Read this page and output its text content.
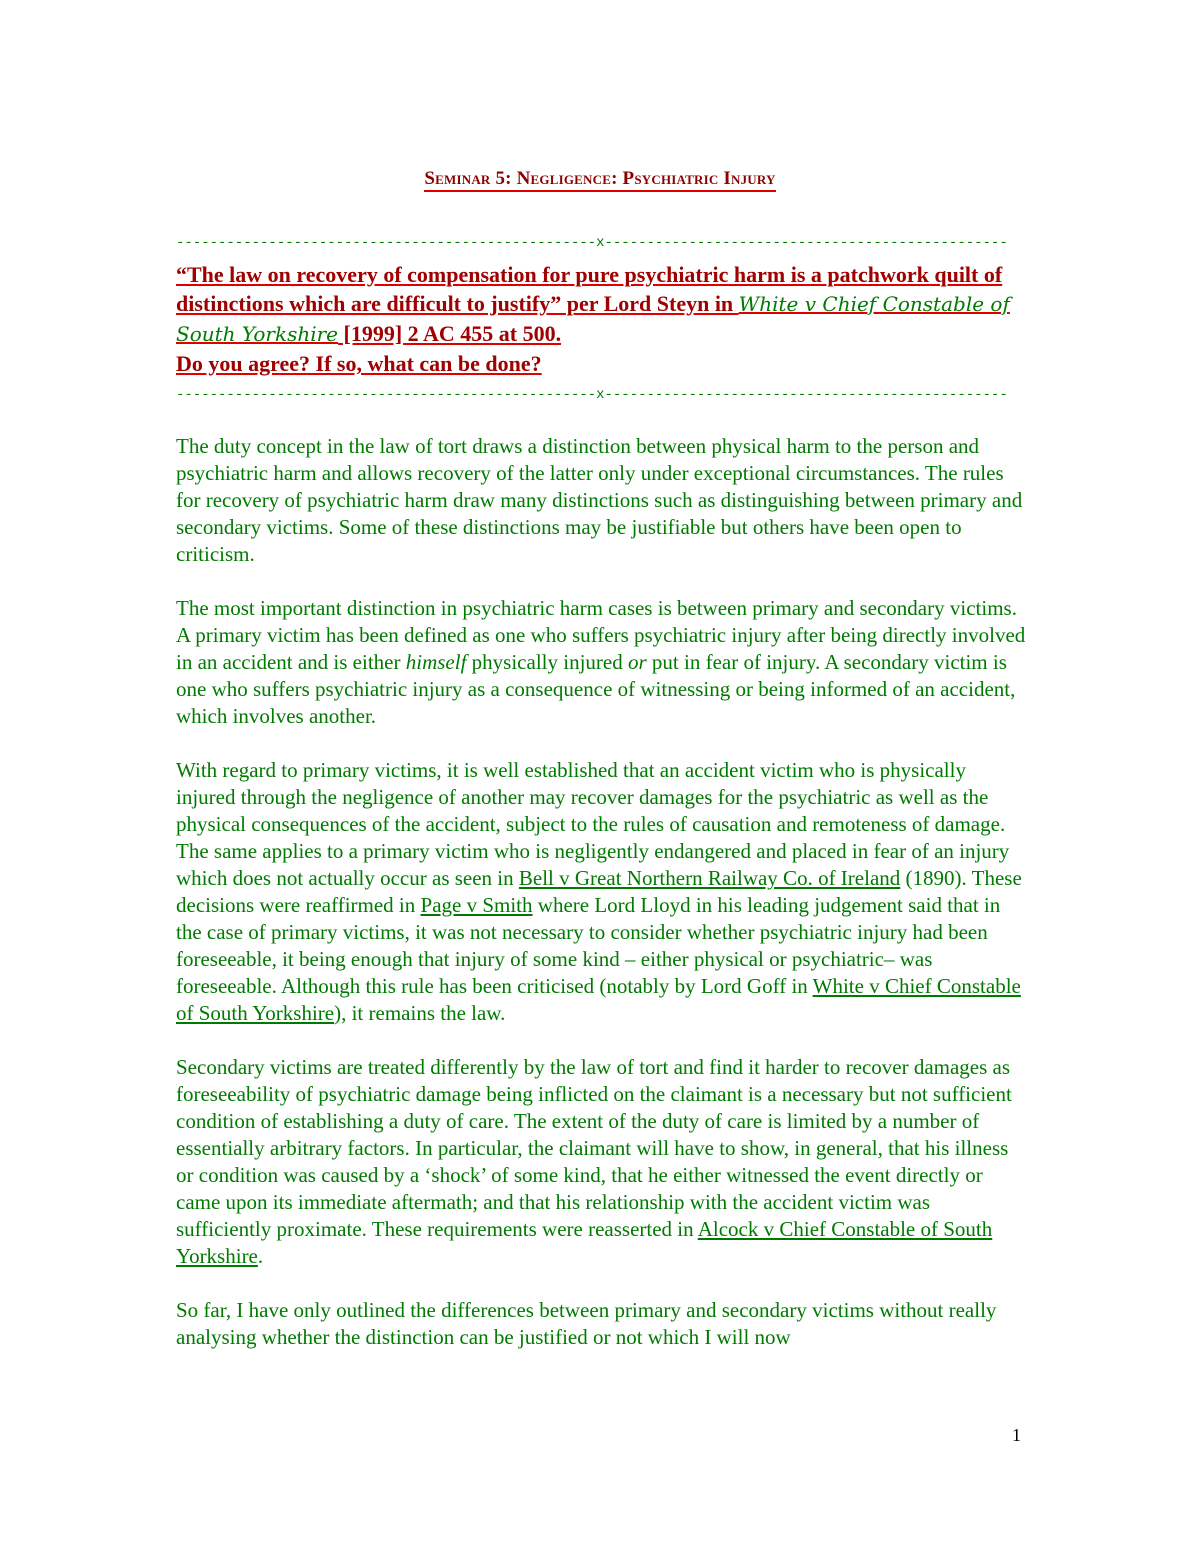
Seminar 5: Negligence: Psychiatric Injury
--------------------------------------------------x------------------------------------------------
“The law on recovery of compensation for pure psychiatric harm is a patchwork quilt of distinctions which are difficult to justify” per Lord Steyn in White v Chief Constable of South Yorkshire [1999] 2 AC 455 at 500.
Do you agree? If so, what can be done?
--------------------------------------------------x------------------------------------------------

The duty concept in the law of tort draws a distinction between physical harm to the person and psychiatric harm and allows recovery of the latter only under exceptional circumstances. The rules for recovery of psychiatric harm draw many distinctions such as distinguishing between primary and secondary victims. Some of these distinctions may be justifiable but others have been open to criticism.

The most important distinction in psychiatric harm cases is between primary and secondary victims. A primary victim has been defined as one who suffers psychiatric injury after being directly involved in an accident and is either himself physically injured or put in fear of injury. A secondary victim is one who suffers psychiatric injury as a consequence of witnessing or being informed of an accident, which involves another.

With regard to primary victims, it is well established that an accident victim who is physically injured through the negligence of another may recover damages for the psychiatric as well as the physical consequences of the accident, subject to the rules of causation and remoteness of damage. The same applies to a primary victim who is negligently endangered and placed in fear of an injury which does not actually occur as seen in Bell v Great Northern Railway Co. of Ireland (1890). These decisions were reaffirmed in Page v Smith where Lord Lloyd in his leading judgement said that in the case of primary victims, it was not necessary to consider whether psychiatric injury had been foreseeable, it being enough that injury of some kind – either physical or psychiatric– was foreseeable. Although this rule has been criticised (notably by Lord Goff in White v Chief Constable of South Yorkshire), it remains the law.

Secondary victims are treated differently by the law of tort and find it harder to recover damages as foreseeability of psychiatric damage being inflicted on the claimant is a necessary but not sufficient condition of establishing a duty of care. The extent of the duty of care is limited by a number of essentially arbitrary factors. In particular, the claimant will have to show, in general, that his illness or condition was caused by a ‘shock’ of some kind, that he either witnessed the event directly or came upon its immediate aftermath; and that his relationship with the accident victim was sufficiently proximate. These requirements were reasserted in Alcock v Chief Constable of South Yorkshire.

So far, I have only outlined the differences between primary and secondary victims without really analysing whether the distinction can be justified or not which I will now

1
